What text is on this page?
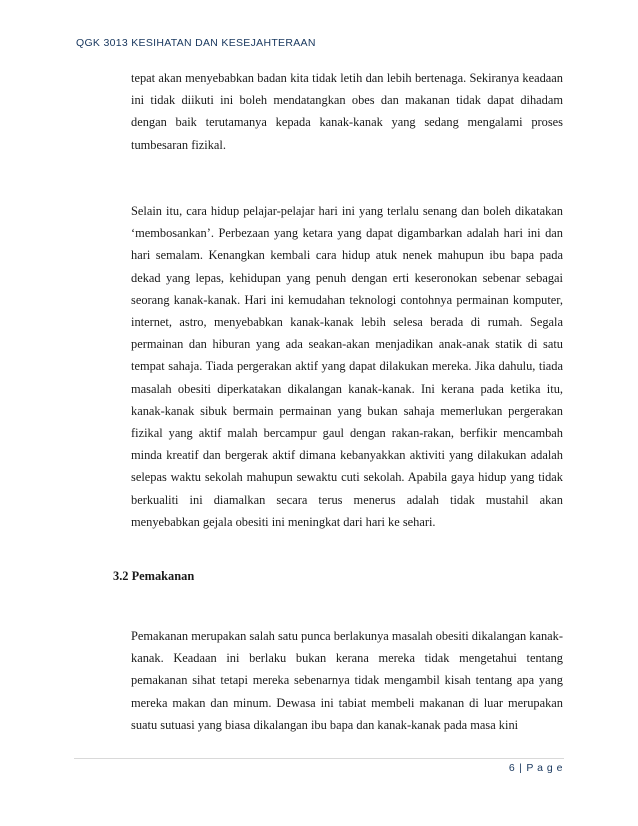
QGK 3013 KESIHATAN DAN KESEJAHTERAAN

tepat akan menyebabkan badan kita tidak letih dan lebih bertenaga. Sekiranya keadaan ini tidak diikuti ini boleh mendatangkan obes dan makanan tidak dapat dihadam dengan baik terutamanya kepada kanak-kanak yang sedang mengalami proses tumbesaran fizikal.

Selain itu, cara hidup pelajar-pelajar hari ini yang terlalu senang dan boleh dikatakan ‘membosankan’. Perbezaan yang ketara yang dapat digambarkan adalah hari ini dan hari semalam. Kenangkan kembali cara hidup atuk nenek mahupun ibu bapa pada dekad yang lepas, kehidupan yang penuh dengan erti keseronokan sebenar sebagai seorang kanak-kanak. Hari ini kemudahan teknologi contohnya permainan komputer, internet, astro, menyebabkan kanak-kanak lebih selesa berada di rumah. Segala permainan dan hiburan yang ada seakan-akan menjadikan anak-anak statik di satu tempat sahaja. Tiada pergerakan aktif yang dapat dilakukan mereka. Jika dahulu, tiada masalah obesiti diperkatakan dikalangan kanak-kanak. Ini kerana pada ketika itu, kanak-kanak sibuk bermain permainan yang bukan sahaja memerlukan pergerakan fizikal yang aktif malah bercampur gaul dengan rakan-rakan, berfikir mencambah minda kreatif dan bergerak aktif dimana kebanyakkan aktiviti yang dilakukan adalah selepas waktu sekolah mahupun sewaktu cuti sekolah. Apabila gaya hidup yang tidak berkualiti ini diamalkan secara terus menerus adalah tidak mustahil akan menyebabkan gejala obesiti ini meningkat dari hari ke sehari.

3.2 Pemakanan

Pemakanan merupakan salah satu punca berlakunya masalah obesiti dikalangan kanak-kanak. Keadaan ini berlaku bukan kerana mereka tidak mengetahui tentang pemakanan sihat tetapi mereka sebenarnya tidak mengambil kisah tentang apa yang mereka makan dan minum. Dewasa ini tabiat membeli makanan di luar merupakan suatu sutuasi yang biasa dikalangan ibu bapa dan kanak-kanak pada masa kini

6 | P a g e
